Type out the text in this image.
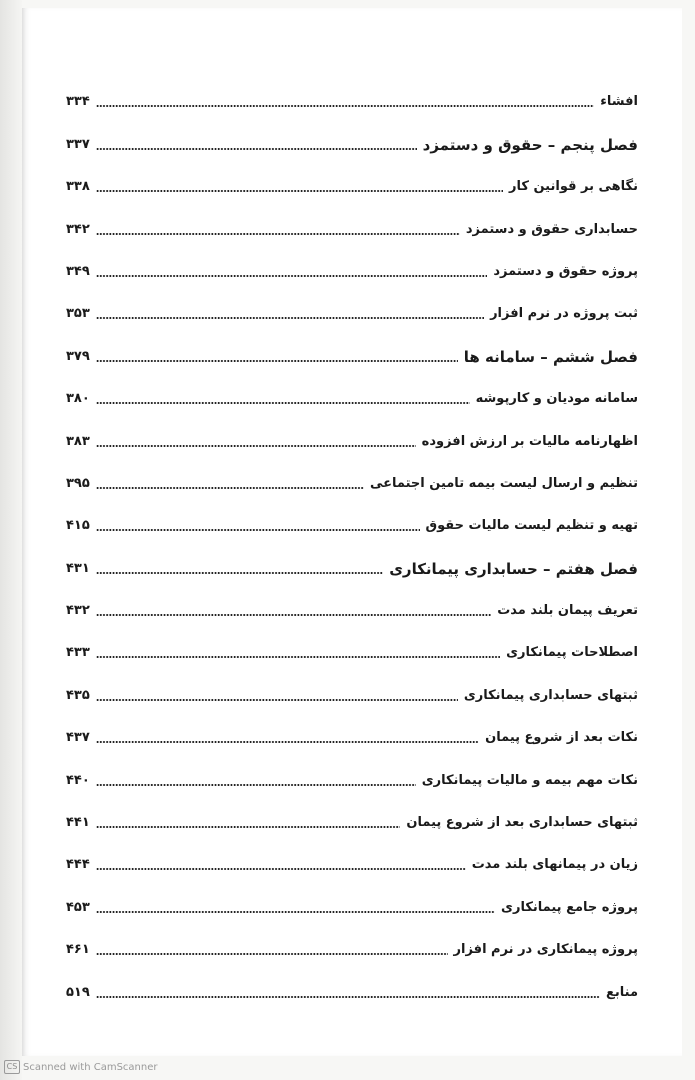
افشاء
۳۳۴
فصل پنجم – حقوق و دستمزد
۳۳۷
نگاهی بر قوانین کار
۳۳۸
حسابداری حقوق و دستمزد
۳۴۲
پروژه حقوق و دستمزد
۳۴۹
ثبت پروژه در نرم افزار
۳۵۳
فصل ششم – سامانه ها
۳۷۹
سامانه مودیان و کارپوشه
۳۸۰
اظهارنامه مالیات بر ارزش افزوده
۳۸۳
تنظیم و ارسال لیست بیمه تامین اجتماعی
۳۹۵
تهیه و تنظیم لیست مالیات حقوق
۴۱۵
فصل هفتم – حسابداری پیمانکاری
۴۳۱
تعریف پیمان بلند مدت
۴۳۲
اصطلاحات پیمانکاری
۴۳۳
ثبتهای حسابداری پیمانکاری
۴۳۵
نکات بعد از شروع پیمان
۴۳۷
نکات مهم بیمه و مالیات پیمانکاری
۴۴۰
ثبتهای حسابداری بعد از شروع پیمان
۴۴۱
زیان در پیمانهای بلند مدت
۴۴۴
پروژه جامع پیمانکاری
۴۵۳
پروژه پیمانکاری در نرم افزار
۴۶۱
منابع
۵۱۹
CS Scanned with CamScanner
